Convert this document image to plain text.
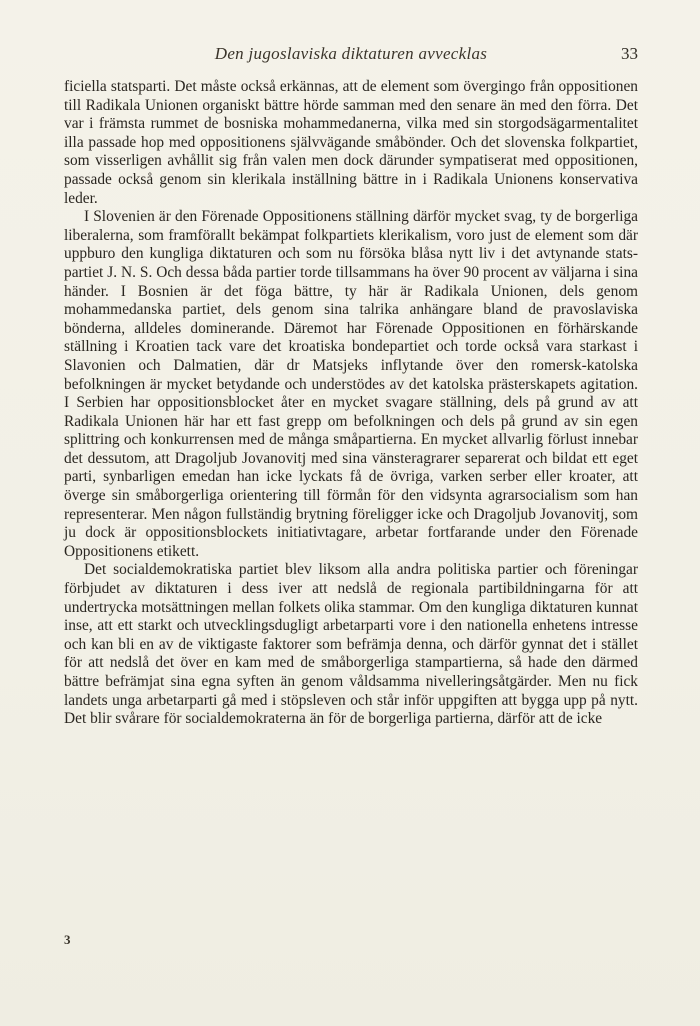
Den jugoslaviska diktaturen avvecklas	33

ficiella statsparti. Det måste också erkännas, att de element som övergingo från oppositionen till Radikala Unionen organiskt bättre hörde samman med den senare än med den förra. Det var i främsta rummet de bosniska mohammedanerna, vilka med sin storgodsägarmentalitet illa passade hop med oppositionens självvägande småbönder. Och det slovenska folkpartiet, som visserligen avhållit sig från valen men dock därunder sympatiserat med oppositionen, passade också genom sin klerikala inställning bättre in i Radikala Unionens konservativa leder.

I Slovenien är den Förenade Oppositionens ställning därför mycket svag, ty de borgerliga liberalerna, som framförallt bekämpat folkpartiets klerikalism, voro just de element som där uppburo den kungliga diktaturen och som nu försöka blåsa nytt liv i det avtynande statspartiet J. N. S. Och dessa båda partier torde tillsammans ha över 90 procent av väljarna i sina händer. I Bosnien är det föga bättre, ty här är Radikala Unionen, dels genom mohammedanska partiet, dels genom sina talrika anhängare bland de pravoslaviska bönderna, alldeles dominerande. Däremot har Förenade Oppositionen en förhärskande ställning i Kroatien tack vare det kroatiska bondepartiet och torde också vara starkast i Slavonien och Dalmatien, där dr Matsjeks inflytande över den romersk-katolska befolkningen är mycket betydande och understödes av det katolska prästerskapets agitation. I Serbien har oppositionsblocket åter en mycket svagare ställning, dels på grund av att Radikala Unionen här har ett fast grepp om befolkningen och dels på grund av sin egen splittring och konkurrensen med de många småpartierna. En mycket allvarlig förlust innebar det dessutom, att Dragoljub Jovanovitj med sina vänsteragrarer separerat och bildat ett eget parti, synbarligen emedan han icke lyckats få de övriga, varken serber eller kroater, att överge sin småborgerliga orientering till förmån för den vidsynta agrarsocialism som han representerar. Men någon fullständig brytning föreligger icke och Dragoljub Jovanovitj, som ju dock är oppositionsblockets initiativtagare, arbetar fortfarande under den Förenade Oppositionens etikett.

Det socialdemokratiska partiet blev liksom alla andra politiska partier och föreningar förbjudet av diktaturen i dess iver att nedslå de regionala partibildningarna för att undertrycka motsättningen mellan folkets olika stammar. Om den kungliga diktaturen kunnat inse, att ett starkt och utvecklingsdugligt arbetarparti vore i den nationella enhetens intresse och kan bli en av de viktigaste faktorer som befrämja denna, och därför gynnat det i stället för att nedslå det över en kam med de småborgerliga stampartierna, så hade den därmed bättre befrämjat sina egna syften än genom våldsamma nivelleringsåtgärder. Men nu fick landets unga arbetarparti gå med i stöpsleven och står inför uppgiften att bygga upp på nytt. Det blir svårare för socialdemokraterna än för de borgerliga partierna, därför att de icke

3
